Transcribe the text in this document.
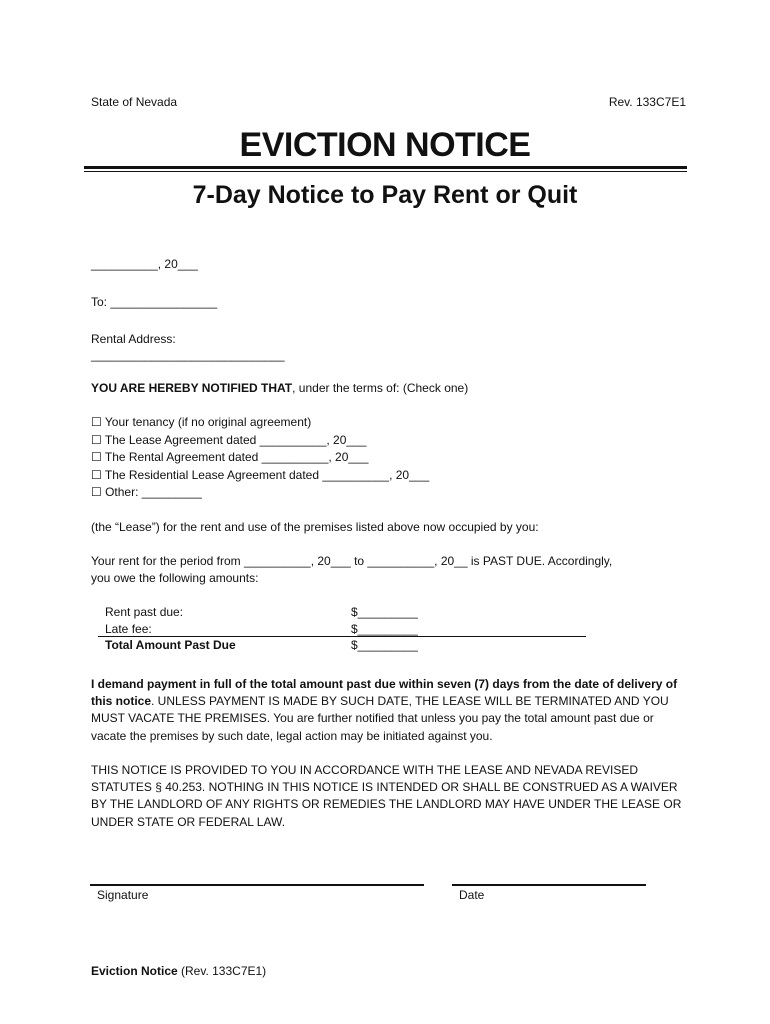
State of Nevada	Rev. 133C7E1
EVICTION NOTICE
7-Day Notice to Pay Rent or Quit
__________, 20___
To: ________________
Rental Address:
_____________________________
YOU ARE HEREBY NOTIFIED THAT, under the terms of: (Check one)
☐ Your tenancy (if no original agreement)
☐ The Lease Agreement dated __________, 20___
☐ The Rental Agreement dated __________, 20___
☐ The Residential Lease Agreement dated __________, 20___
☐ Other: _________
(the “Lease”) for the rent and use of the premises listed above now occupied by you:
Your rent for the period from __________, 20___ to __________, 20__ is PAST DUE. Accordingly,
you owe the following amounts:
Rent past due:	$_________
Late fee:	$_________
Total Amount Past Due	$_________
I demand payment in full of the total amount past due within seven (7) days from the date of delivery of this notice. UNLESS PAYMENT IS MADE BY SUCH DATE, THE LEASE WILL BE TERMINATED AND YOU MUST VACATE THE PREMISES. You are further notified that unless you pay the total amount past due or vacate the premises by such date, legal action may be initiated against you.
THIS NOTICE IS PROVIDED TO YOU IN ACCORDANCE WITH THE LEASE AND NEVADA REVISED STATUTES § 40.253. NOTHING IN THIS NOTICE IS INTENDED OR SHALL BE CONSTRUED AS A WAIVER BY THE LANDLORD OF ANY RIGHTS OR REMEDIES THE LANDLORD MAY HAVE UNDER THE LEASE OR UNDER STATE OR FEDERAL LAW.
Signature	Date
Eviction Notice (Rev. 133C7E1)
